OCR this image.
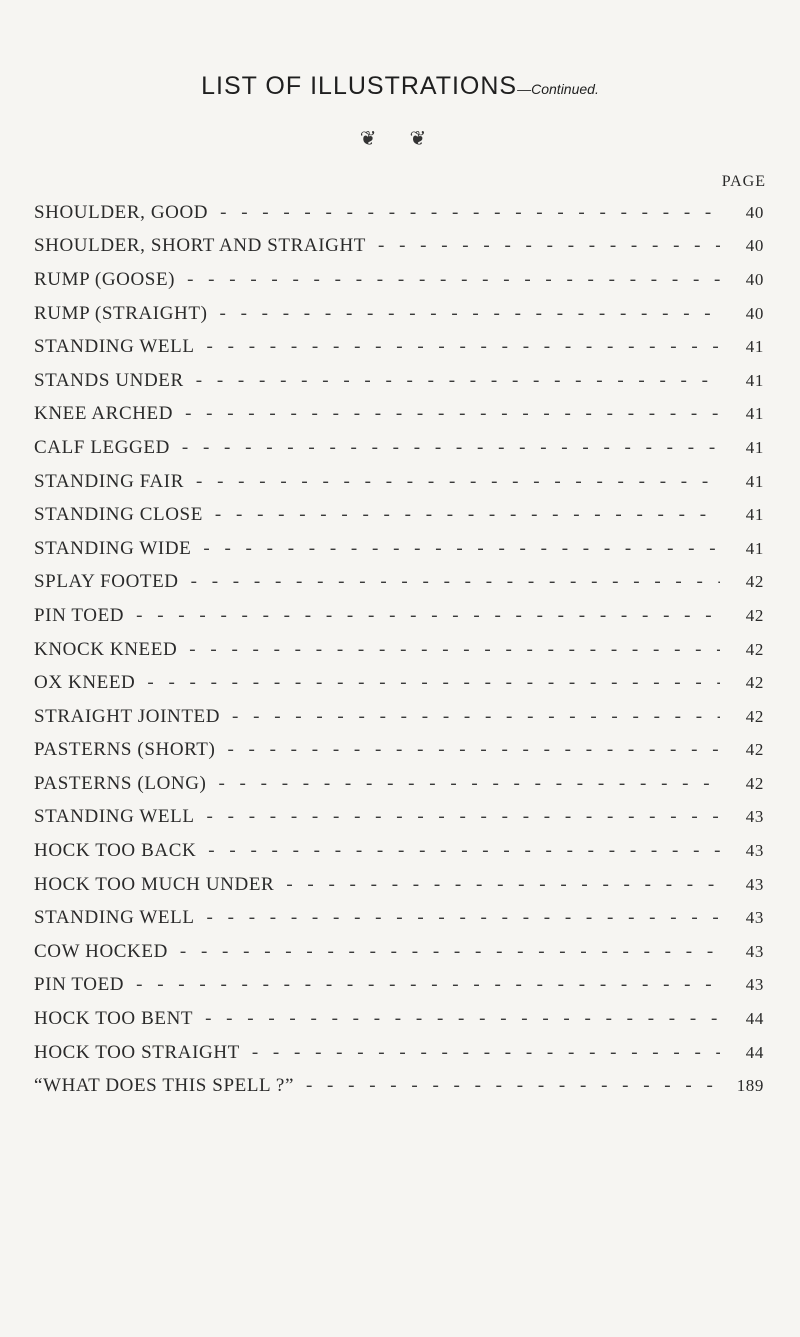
LIST OF ILLUSTRATIONS—Continued.
❦ ❦
PAGE
SHOULDER, GOOD - - -	40
SHOULDER, SHORT AND STRAIGHT - - -	40
RUMP (GOOSE) - - -	40
RUMP (STRAIGHT) - - -	40
STANDING WELL - - -	41
STANDS UNDER - - -	41
KNEE ARCHED - - -	41
CALF LEGGED - - -	41
STANDING FAIR - - -	41
STANDING CLOSE - - -	41
STANDING WIDE - - -	41
SPLAY FOOTED - - -	42
PIN TOED - - -	42
KNOCK KNEED - - -	42
OX KNEED - - -	42
STRAIGHT JOINTED - - -	42
PASTERNS (SHORT) - - -	42
PASTERNS (LONG) - - -	42
STANDING WELL - - -	43
HOCK TOO BACK - - -	43
HOCK TOO MUCH UNDER - - -	43
STANDING WELL - - -	43
COW HOCKED - - -	43
PIN TOED - - -	43
HOCK TOO BENT - - -	44
HOCK TOO STRAIGHT - - -	44
“WHAT DOES THIS SPELL ?” - - -	189
